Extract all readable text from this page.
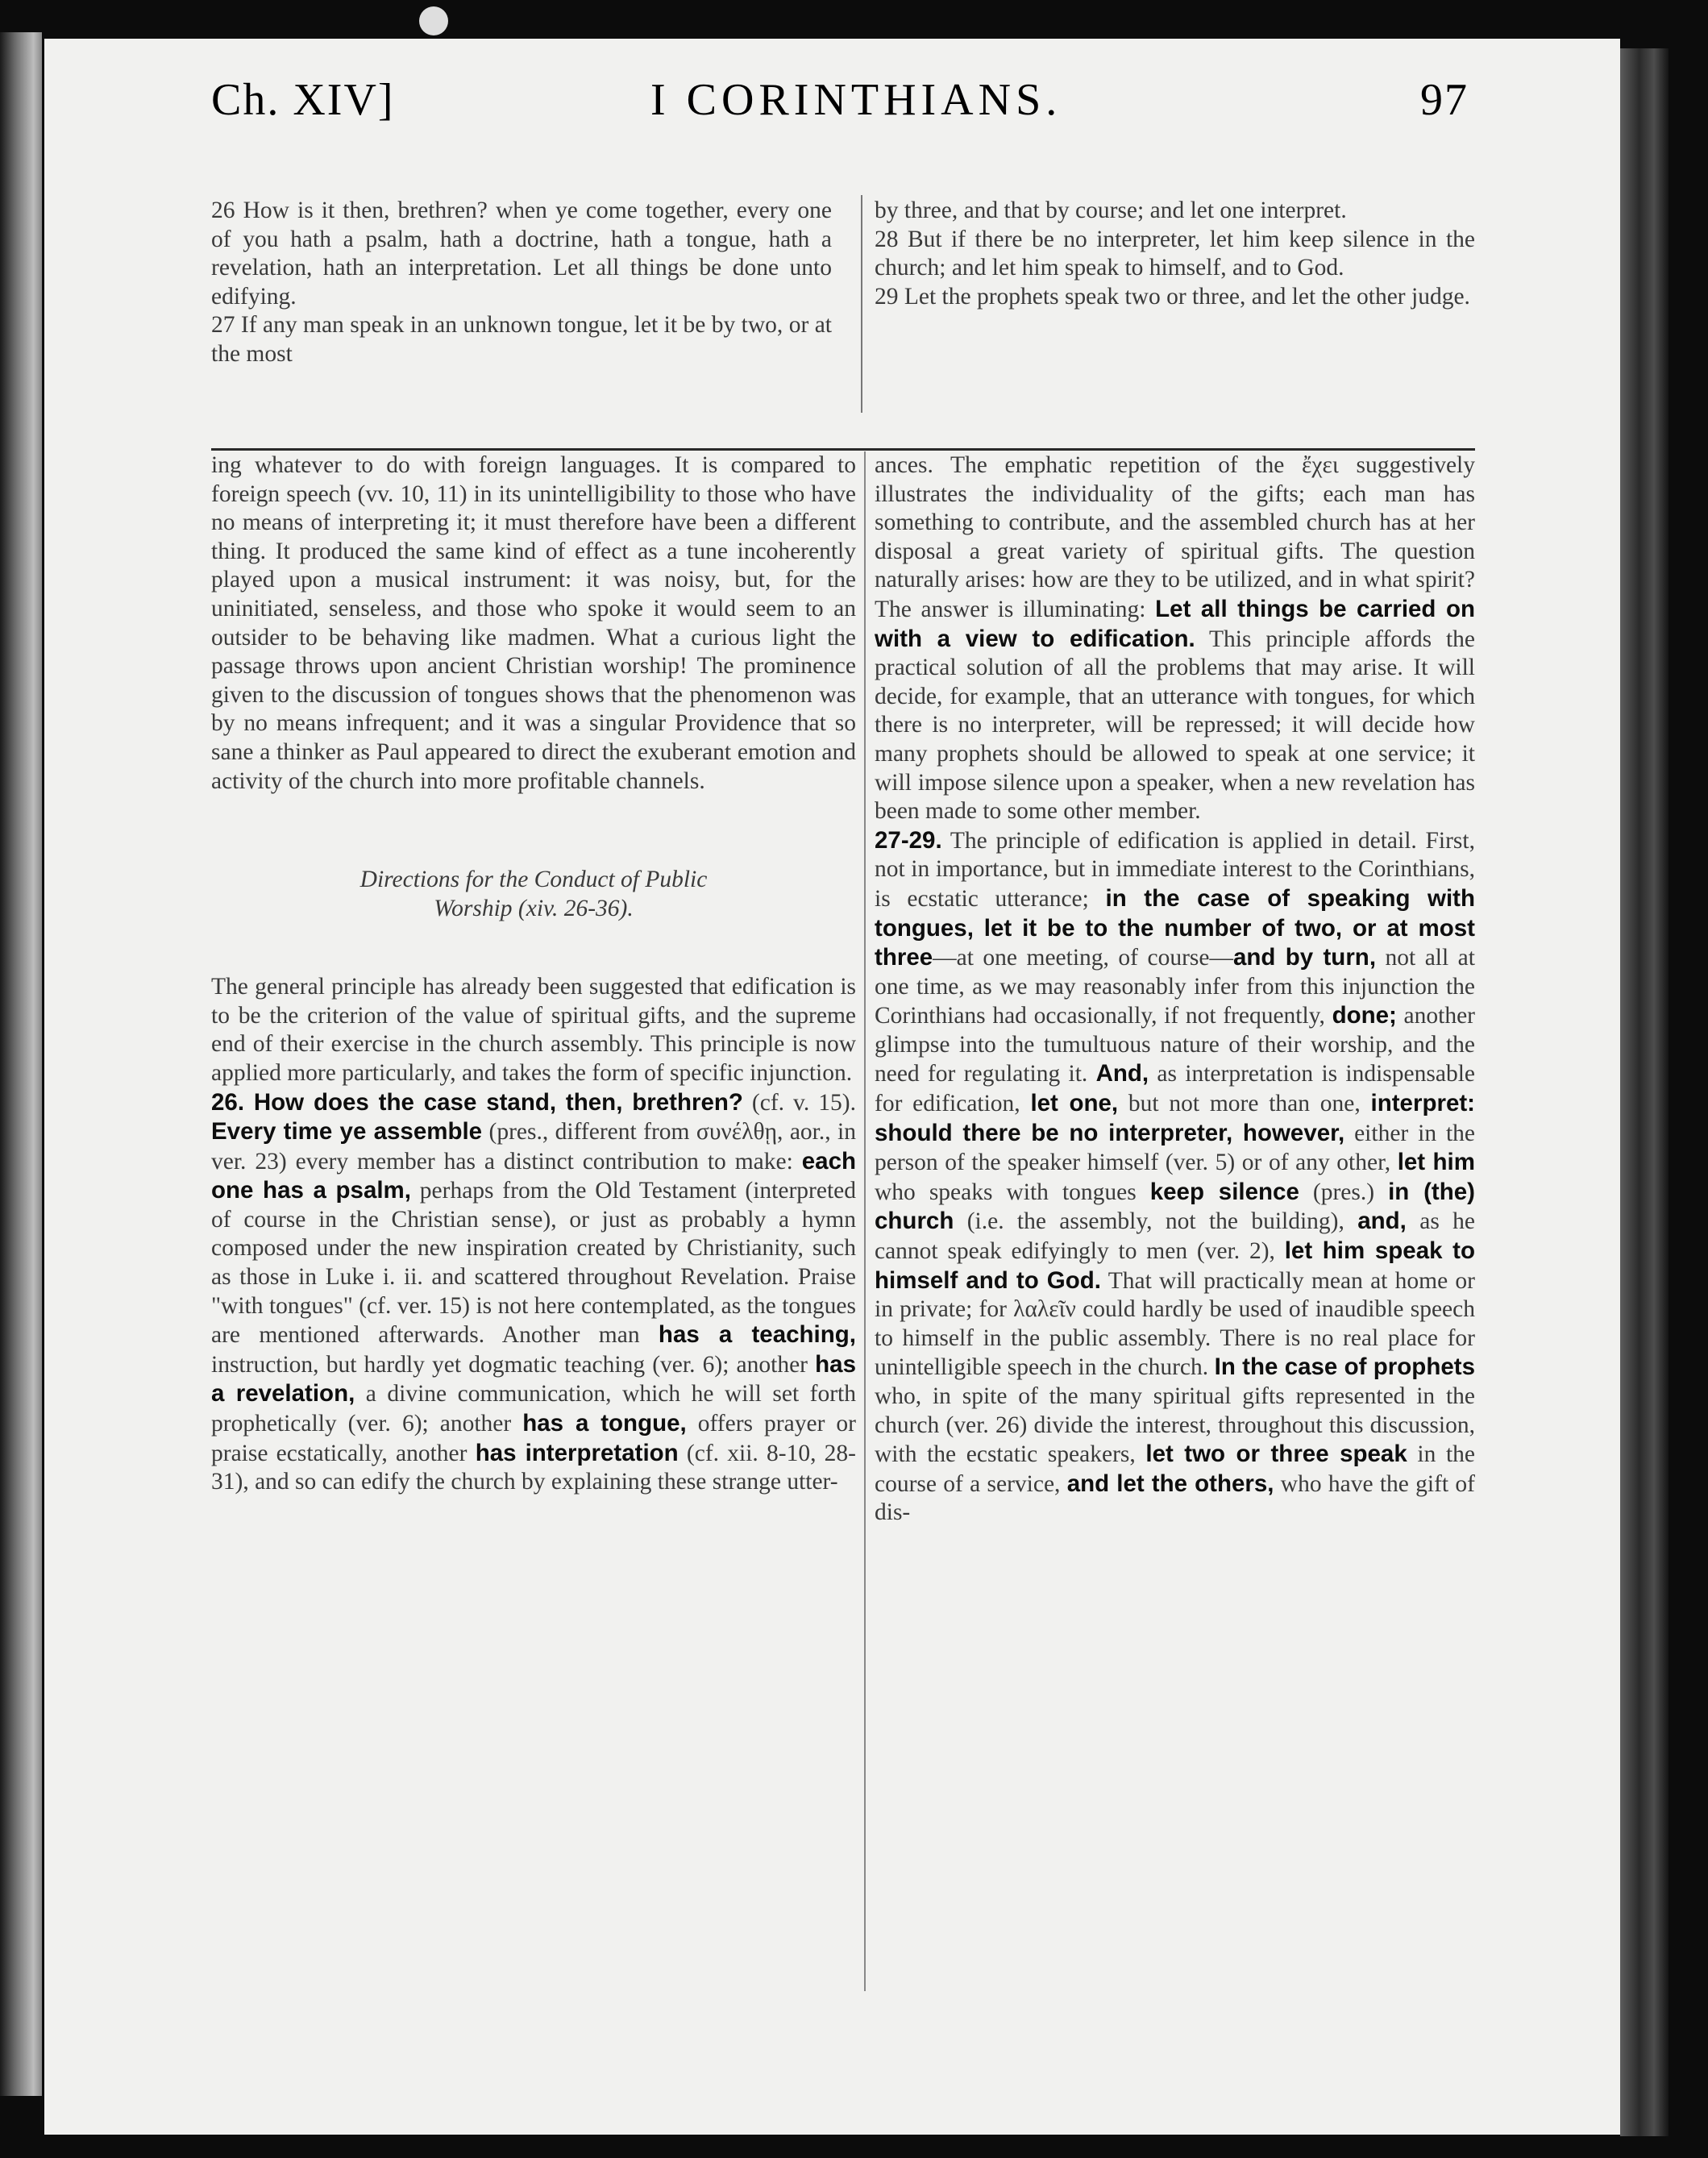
Ch. XIV]	I CORINTHIANS.	97

26 How is it then, brethren? when ye come together, every one of you hath a psalm, hath a doctrine, hath a tongue, hath a revelation, hath an interpretation. Let all things be done unto edifying.

27 If any man speak in an unknown tongue, let it be by two, or at the most

by three, and that by course; and let one interpret.

28 But if there be no interpreter, let him keep silence in the church; and let him speak to himself, and to God.

29 Let the prophets speak two or three, and let the other judge.

ing whatever to do with foreign languages. It is compared to foreign speech (vv. 10, 11) in its unintelligibility to those who have no means of interpreting it; it must therefore have been a different thing. It produced the same kind of effect as a tune incoherently played upon a musical instrument: it was noisy, but, for the uninitiated, senseless, and those who spoke it would seem to an outsider to be behaving like madmen. What a curious light the passage throws upon ancient Christian worship! The prominence given to the discussion of tongues shows that the phenomenon was by no means infrequent; and it was a singular Providence that so sane a thinker as Paul appeared to direct the exuberant emotion and activity of the church into more profitable channels.

Directions for the Conduct of Public
Worship (xiv. 26-36).

The general principle has already been suggested that edification is to be the criterion of the value of spiritual gifts, and the supreme end of their exercise in the church assembly. This principle is now applied more particularly, and takes the form of specific injunction.

26. How does the case stand, then, brethren? (cf. v. 15). Every time ye assemble (pres., different from συνέλθῃ, aor., in ver. 23) every member has a distinct contribution to make: each one has a psalm, perhaps from the Old Testament (interpreted of course in the Christian sense), or just as probably a hymn composed under the new inspiration created by Christianity, such as those in Luke i. ii. and scattered throughout Revelation. Praise "with tongues" (cf. ver. 15) is not here contemplated, as the tongues are mentioned afterwards. Another man has a teaching, instruction, but hardly yet dogmatic teaching (ver. 6); another has a revelation, a divine communication, which he will set forth prophetically (ver. 6); another has a tongue, offers prayer or praise ecstatically, another has interpretation (cf. xii. 8-10, 28-31), and so can edify the church by explaining these strange utter-

ances. The emphatic repetition of the ἔχει suggestively illustrates the individuality of the gifts; each man has something to contribute, and the assembled church has at her disposal a great variety of spiritual gifts. The question naturally arises: how are they to be utilized, and in what spirit? The answer is illuminating: Let all things be carried on with a view to edification. This principle affords the practical solution of all the problems that may arise. It will decide, for example, that an utterance with tongues, for which there is no interpreter, will be repressed; it will decide how many prophets should be allowed to speak at one service; it will impose silence upon a speaker, when a new revelation has been made to some other member.

27-29. The principle of edification is applied in detail. First, not in importance, but in immediate interest to the Corinthians, is ecstatic utterance; in the case of speaking with tongues, let it be to the number of two, or at most three—at one meeting, of course—and by turn, not all at one time, as we may reasonably infer from this injunction the Corinthians had occasionally, if not frequently, done; another glimpse into the tumultuous nature of their worship, and the need for regulating it. And, as interpretation is indispensable for edification, let one, but not more than one, interpret: should there be no interpreter, however, either in the person of the speaker himself (ver. 5) or of any other, let him who speaks with tongues keep silence (pres.) in (the) church (i.e. the assembly, not the building), and, as he cannot speak edifyingly to men (ver. 2), let him speak to himself and to God. That will practically mean at home or in private; for λαλεῖν could hardly be used of inaudible speech to himself in the public assembly. There is no real place for unintelligible speech in the church. In the case of prophets who, in spite of the many spiritual gifts represented in the church (ver. 26) divide the interest, throughout this discussion, with the ecstatic speakers, let two or three speak in the course of a service, and let the others, who have the gift of dis-
